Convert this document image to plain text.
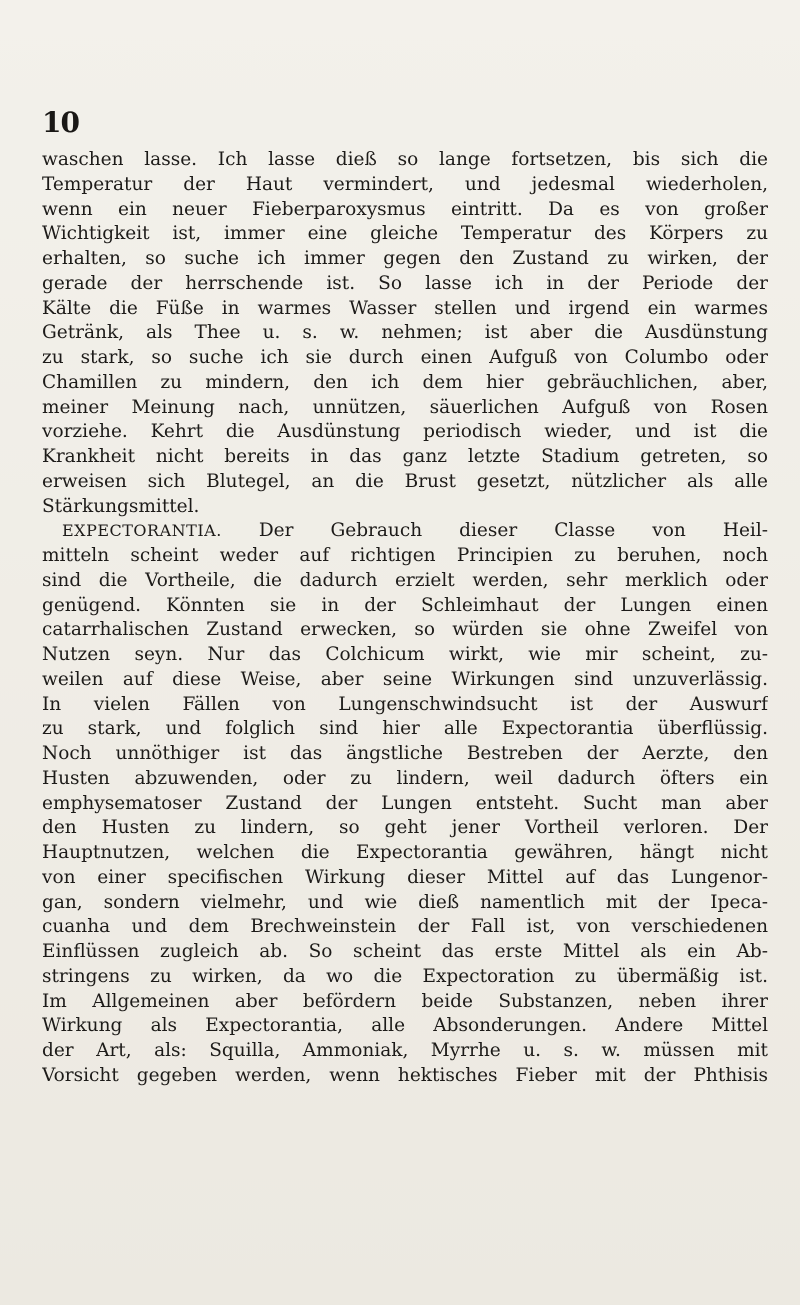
10
waschen lasse. Ich lasse dieß so lange fortsetzen, bis sich die
Temperatur der Haut vermindert, und jedesmal wiederholen,
wenn ein neuer Fieberparoxysmus eintritt. Da es von großer
Wichtigkeit ist, immer eine gleiche Temperatur des Körpers zu
erhalten, so suche ich immer gegen den Zustand zu wirken, der
gerade der herrschende ist. So lasse ich in der Periode der
Kälte die Füße in warmes Wasser stellen und irgend ein warmes
Getränk, als Thee u. s. w. nehmen; ist aber die Ausdünstung
zu stark, so suche ich sie durch einen Aufguß von Columbo oder
Chamillen zu mindern, den ich dem hier gebräuchlichen, aber,
meiner Meinung nach, unnützen, säuerlichen Aufguß von Rosen
vorziehe. Kehrt die Ausdünstung periodisch wieder, und ist die
Krankheit nicht bereits in das ganz letzte Stadium getreten, so
erweisen sich Blutegel, an die Brust gesetzt, nützlicher als alle
Stärkungsmittel.
EXPECTORANTIA. Der Gebrauch dieser Classe von Heil-
mitteln scheint weder auf richtigen Principien zu beruhen, noch
sind die Vortheile, die dadurch erzielt werden, sehr merklich oder
genügend. Könnten sie in der Schleimhaut der Lungen einen
catarrhalischen Zustand erwecken, so würden sie ohne Zweifel von
Nutzen seyn. Nur das Colchicum wirkt, wie mir scheint, zu-
weilen auf diese Weise, aber seine Wirkungen sind unzuverlässig.
In vielen Fällen von Lungenschwindsucht ist der Auswurf
zu stark, und folglich sind hier alle Expectorantia überflüssig.
Noch unnöthiger ist das ängstliche Bestreben der Aerzte, den
Husten abzuwenden, oder zu lindern, weil dadurch öfters ein
emphysematoser Zustand der Lungen entsteht. Sucht man aber
den Husten zu lindern, so geht jener Vortheil verloren. Der
Hauptnutzen, welchen die Expectorantia gewähren, hängt nicht
von einer specifischen Wirkung dieser Mittel auf das Lungenor-
gan, sondern vielmehr, und wie dieß namentlich mit der Ipeca-
cuanha und dem Brechweinstein der Fall ist, von verschiedenen
Einflüssen zugleich ab. So scheint das erste Mittel als ein Ab-
stringens zu wirken, da wo die Expectoration zu übermäßig ist.
Im Allgemeinen aber befördern beide Substanzen, neben ihrer
Wirkung als Expectorantia, alle Absonderungen. Andere Mittel
der Art, als: Squilla, Ammoniak, Myrrhe u. s. w. müssen mit
Vorsicht gegeben werden, wenn hektisches Fieber mit der Phthisis
